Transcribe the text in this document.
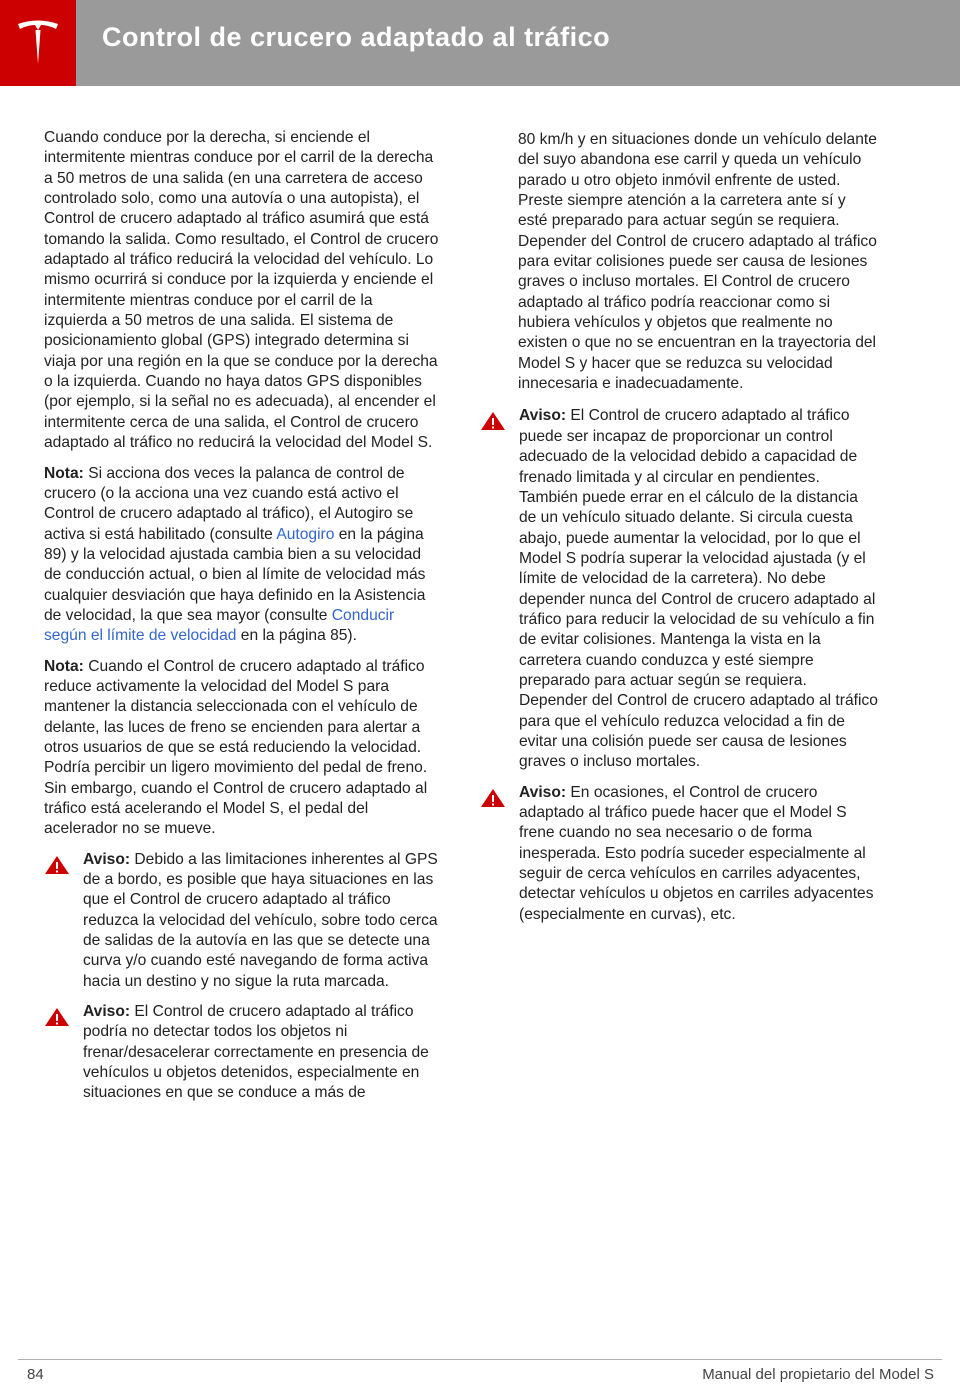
Control de crucero adaptado al tráfico

Cuando conduce por la derecha, si enciende el intermitente mientras conduce por el carril de la derecha a 50 metros de una salida (en una carretera de acceso controlado solo, como una autovía o una autopista), el Control de crucero adaptado al tráfico asumirá que está tomando la salida. Como resultado, el Control de crucero adaptado al tráfico reducirá la velocidad del vehículo. Lo mismo ocurrirá si conduce por la izquierda y enciende el intermitente mientras conduce por el carril de la izquierda a 50 metros de una salida. El sistema de posicionamiento global (GPS) integrado determina si viaja por una región en la que se conduce por la derecha o la izquierda. Cuando no haya datos GPS disponibles (por ejemplo, si la señal no es adecuada), al encender el intermitente cerca de una salida, el Control de crucero adaptado al tráfico no reducirá la velocidad del Model S.

Nota: Si acciona dos veces la palanca de control de crucero (o la acciona una vez cuando está activo el Control de crucero adaptado al tráfico), el Autogiro se activa si está habilitado (consulte Autogiro en la página 89) y la velocidad ajustada cambia bien a su velocidad de conducción actual, o bien al límite de velocidad más cualquier desviación que haya definido en la Asistencia de velocidad, la que sea mayor (consulte Conducir según el límite de velocidad en la página 85).

Nota: Cuando el Control de crucero adaptado al tráfico reduce activamente la velocidad del Model S para mantener la distancia seleccionada con el vehículo de delante, las luces de freno se encienden para alertar a otros usuarios de que se está reduciendo la velocidad. Podría percibir un ligero movimiento del pedal de freno. Sin embargo, cuando el Control de crucero adaptado al tráfico está acelerando el Model S, el pedal del acelerador no se mueve.

Aviso: Debido a las limitaciones inherentes al GPS de a bordo, es posible que haya situaciones en las que el Control de crucero adaptado al tráfico reduzca la velocidad del vehículo, sobre todo cerca de salidas de la autovía en las que se detecte una curva y/o cuando esté navegando de forma activa hacia un destino y no sigue la ruta marcada.
Aviso: El Control de crucero adaptado al tráfico podría no detectar todos los objetos ni frenar/desacelerar correctamente en presencia de vehículos u objetos detenidos, especialmente en situaciones en que se conduce a más de

80 km/h y en situaciones donde un vehículo delante del suyo abandona ese carril y queda un vehículo parado u otro objeto inmóvil enfrente de usted. Preste siempre atención a la carretera ante sí y esté preparado para actuar según se requiera. Depender del Control de crucero adaptado al tráfico para evitar colisiones puede ser causa de lesiones graves o incluso mortales. El Control de crucero adaptado al tráfico podría reaccionar como si hubiera vehículos y objetos que realmente no existen o que no se encuentran en la trayectoria del Model S y hacer que se reduzca su velocidad innecesaria e inadecuadamente.

Aviso: El Control de crucero adaptado al tráfico puede ser incapaz de proporcionar un control adecuado de la velocidad debido a capacidad de frenado limitada y al circular en pendientes. También puede errar en el cálculo de la distancia de un vehículo situado delante. Si circula cuesta abajo, puede aumentar la velocidad, por lo que el Model S podría superar la velocidad ajustada (y el límite de velocidad de la carretera). No debe depender nunca del Control de crucero adaptado al tráfico para reducir la velocidad de su vehículo a fin de evitar colisiones. Mantenga la vista en la carretera cuando conduzca y esté siempre preparado para actuar según se requiera. Depender del Control de crucero adaptado al tráfico para que el vehículo reduzca velocidad a fin de evitar una colisión puede ser causa de lesiones graves o incluso mortales.
Aviso: En ocasiones, el Control de crucero adaptado al tráfico puede hacer que el Model S frene cuando no sea necesario o de forma inesperada. Esto podría suceder especialmente al seguir de cerca vehículos en carriles adyacentes, detectar vehículos u objetos en carriles adyacentes (especialmente en curvas), etc.
84	Manual del propietario del Model S
